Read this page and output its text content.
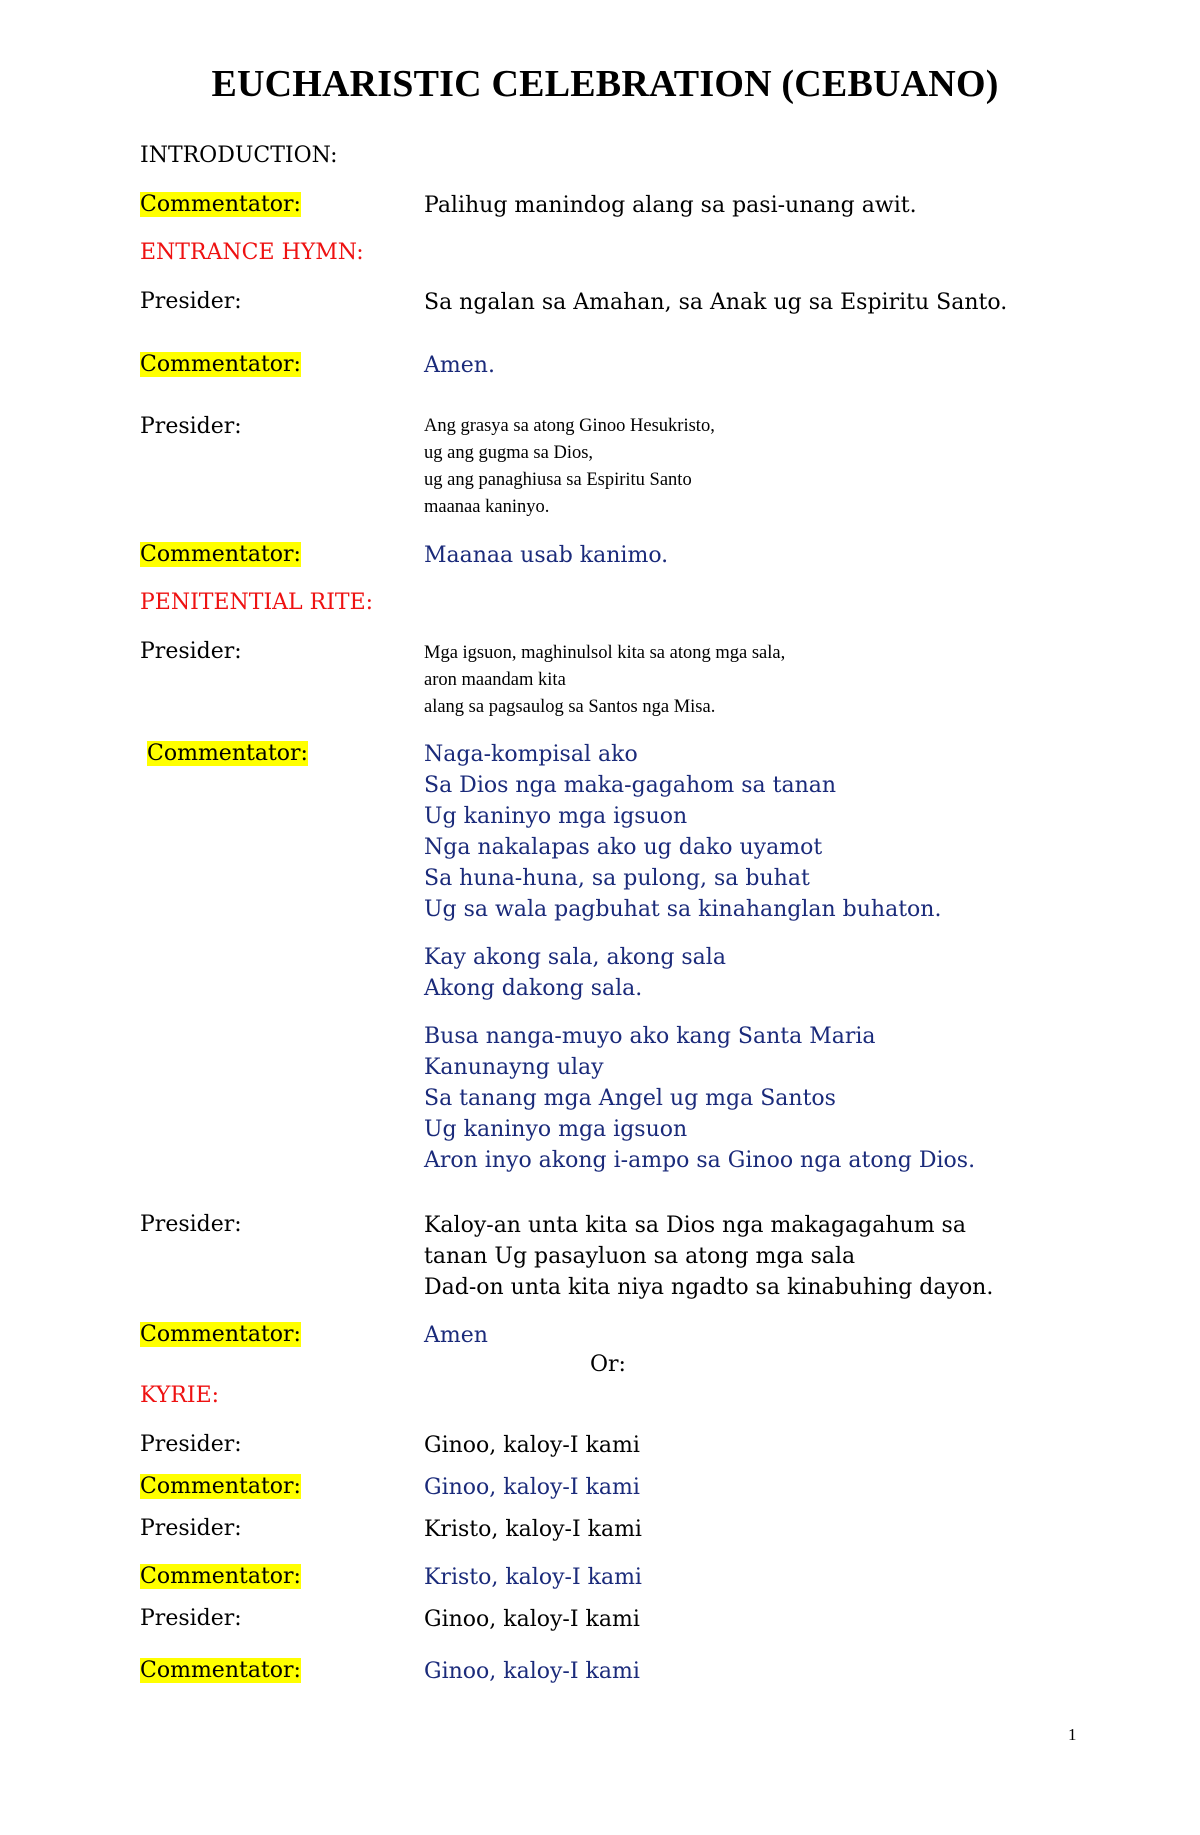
EUCHARISTIC CELEBRATION (CEBUANO)
INTRODUCTION:
Commentator:	Palihug manindog alang sa pasi-unang awit.
ENTRANCE HYMN:
Presider:	Sa ngalan sa Amahan, sa Anak ug sa Espiritu Santo.
Commentator:	Amen.
Presider:	Ang grasya sa atong Ginoo Hesukristo,
ug ang gugma sa Dios,
ug ang panaghiusa sa Espiritu Santo
maanaa kaninyo.
Commentator:	Maanaa usab kanimo.
PENITENTIAL RITE:
Presider:	Mga igsuon, maghinulsol kita sa atong mga sala,
aron maandam kita
alang sa pagsaulog sa Santos nga Misa.
Commentator:	Naga-kompisal ako
Sa Dios nga maka-gagahom sa tanan
Ug kaninyo mga igsuon
Nga nakalapas ako ug dako uyamot
Sa huna-huna, sa pulong, sa buhat
Ug sa wala pagbuhat sa kinahanglan buhaton.
Kay akong sala, akong sala
Akong dakong sala.
Busa nanga-muyo ako kang Santa Maria
Kanunayng ulay
Sa tanang mga Angel ug mga Santos
Ug kaninyo mga igsuon
Aron inyo akong i-ampo sa Ginoo nga atong Dios.
Presider:	Kaloy-an unta kita sa Dios nga makagagahum sa
tanan Ug pasayluon sa atong mga sala
Dad-on unta kita niya ngadto sa kinabuhing dayon.
Commentator:	Amen
Or:
KYRIE:
Presider:	Ginoo, kaloy-I kami
Commentator:	Ginoo, kaloy-I kami
Presider:	Kristo, kaloy-I kami
Commentator:	Kristo, kaloy-I kami
Presider:	Ginoo, kaloy-I kami
Commentator:	Ginoo, kaloy-I kami
1
